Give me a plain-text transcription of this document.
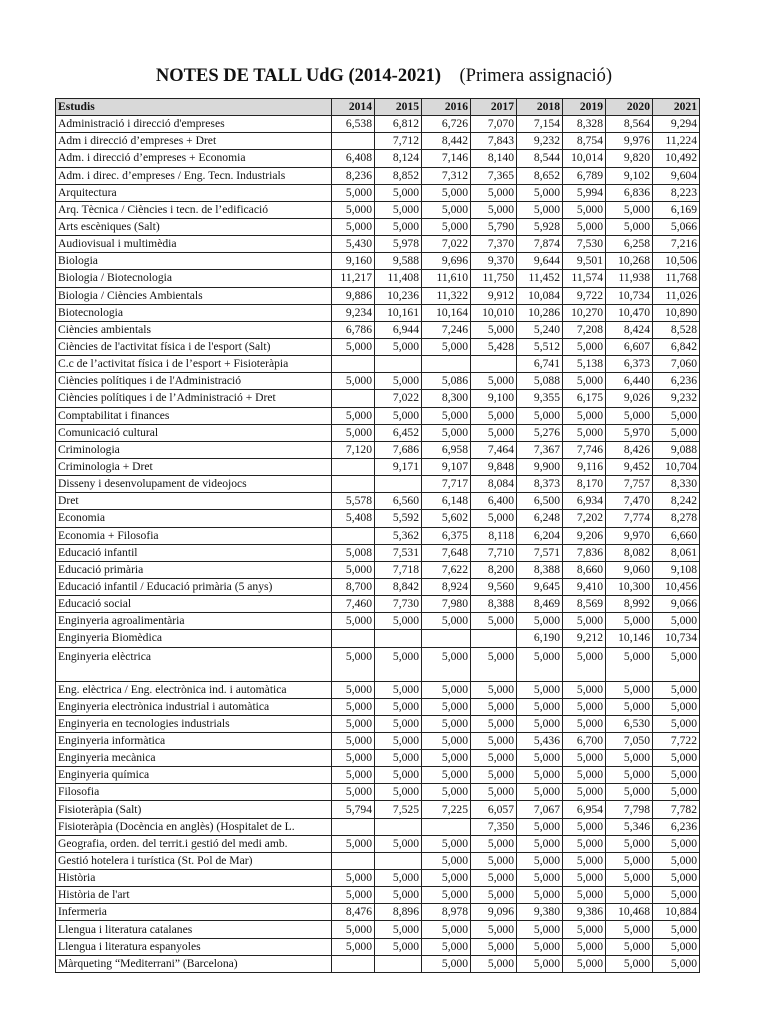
NOTES DE TALL UdG (2014-2021) (Primera assignació)
Estudis	2014	2015	2016	2017	2018	2019	2020	2021
Administració i direcció d'empreses	6,538	6,812	6,726	7,070	7,154	8,328	8,564	9,294
Adm i direcció d’empreses + Dret		7,712	8,442	7,843	9,232	8,754	9,976	11,224
Adm. i direcció d’empreses + Economia	6,408	8,124	7,146	8,140	8,544	10,014	9,820	10,492
Adm. i direc. d’empreses / Eng. Tecn. Industrials	8,236	8,852	7,312	7,365	8,652	6,789	9,102	9,604
Arquitectura	5,000	5,000	5,000	5,000	5,000	5,994	6,836	8,223
Arq. Tècnica / Ciències i tecn. de l’edificació	5,000	5,000	5,000	5,000	5,000	5,000	5,000	6,169
Arts escèniques (Salt)	5,000	5,000	5,000	5,790	5,928	5,000	5,000	5,066
Audiovisual i multimèdia	5,430	5,978	7,022	7,370	7,874	7,530	6,258	7,216
Biologia	9,160	9,588	9,696	9,370	9,644	9,501	10,268	10,506
Biologia / Biotecnologia	11,217	11,408	11,610	11,750	11,452	11,574	11,938	11,768
Biologia / Ciències Ambientals	9,886	10,236	11,322	9,912	10,084	9,722	10,734	11,026
Biotecnologia	9,234	10,161	10,164	10,010	10,286	10,270	10,470	10,890
Ciències ambientals	6,786	6,944	7,246	5,000	5,240	7,208	8,424	8,528
Ciències de l'activitat física i de l'esport (Salt)	5,000	5,000	5,000	5,428	5,512	5,000	6,607	6,842
C.c de l’activitat física i de l’esport + Fisioteràpia					6,741	5,138	6,373	7,060
Ciències polítiques i de l'Administració	5,000	5,000	5,086	5,000	5,088	5,000	6,440	6,236
Ciències polítiques i de l’Administració + Dret		7,022	8,300	9,100	9,355	6,175	9,026	9,232
Comptabilitat i finances	5,000	5,000	5,000	5,000	5,000	5,000	5,000	5,000
Comunicació cultural	5,000	6,452	5,000	5,000	5,276	5,000	5,970	5,000
Criminologia	7,120	7,686	6,958	7,464	7,367	7,746	8,426	9,088
Criminologia + Dret		9,171	9,107	9,848	9,900	9,116	9,452	10,704
Disseny i desenvolupament de videojocs			7,717	8,084	8,373	8,170	7,757	8,330
Dret	5,578	6,560	6,148	6,400	6,500	6,934	7,470	8,242
Economia	5,408	5,592	5,602	5,000	6,248	7,202	7,774	8,278
Economia + Filosofia		5,362	6,375	8,118	6,204	9,206	9,970	6,660
Educació infantil	5,008	7,531	7,648	7,710	7,571	7,836	8,082	8,061
Educació primària	5,000	7,718	7,622	8,200	8,388	8,660	9,060	9,108
Educació infantil / Educació primària (5 anys)	8,700	8,842	8,924	9,560	9,645	9,410	10,300	10,456
Educació social	7,460	7,730	7,980	8,388	8,469	8,569	8,992	9,066
Enginyeria agroalimentària	5,000	5,000	5,000	5,000	5,000	5,000	5,000	5,000
Enginyeria Biomèdica					6,190	9,212	10,146	10,734
Enginyeria elèctrica	5,000	5,000	5,000	5,000	5,000	5,000	5,000	5,000
Eng. elèctrica / Eng. electrònica ind. i automàtica	5,000	5,000	5,000	5,000	5,000	5,000	5,000	5,000
Enginyeria electrònica industrial i automàtica	5,000	5,000	5,000	5,000	5,000	5,000	5,000	5,000
Enginyeria en tecnologies industrials	5,000	5,000	5,000	5,000	5,000	5,000	6,530	5,000
Enginyeria informàtica	5,000	5,000	5,000	5,000	5,436	6,700	7,050	7,722
Enginyeria mecànica	5,000	5,000	5,000	5,000	5,000	5,000	5,000	5,000
Enginyeria química	5,000	5,000	5,000	5,000	5,000	5,000	5,000	5,000
Filosofia	5,000	5,000	5,000	5,000	5,000	5,000	5,000	5,000
Fisioteràpia (Salt)	5,794	7,525	7,225	6,057	7,067	6,954	7,798	7,782
Fisioteràpia (Docència en anglès) (Hospitalet de L.				7,350	5,000	5,000	5,346	6,236
Geografia, orden. del territ.i gestió del medi amb.	5,000	5,000	5,000	5,000	5,000	5,000	5,000	5,000
Gestió hotelera i turística (St. Pol de Mar)			5,000	5,000	5,000	5,000	5,000	5,000
Història	5,000	5,000	5,000	5,000	5,000	5,000	5,000	5,000
Història de l'art	5,000	5,000	5,000	5,000	5,000	5,000	5,000	5,000
Infermeria	8,476	8,896	8,978	9,096	9,380	9,386	10,468	10,884
Llengua i literatura catalanes	5,000	5,000	5,000	5,000	5,000	5,000	5,000	5,000
Llengua i literatura espanyoles	5,000	5,000	5,000	5,000	5,000	5,000	5,000	5,000
Màrqueting “Mediterrani” (Barcelona)			5,000	5,000	5,000	5,000	5,000	5,000
